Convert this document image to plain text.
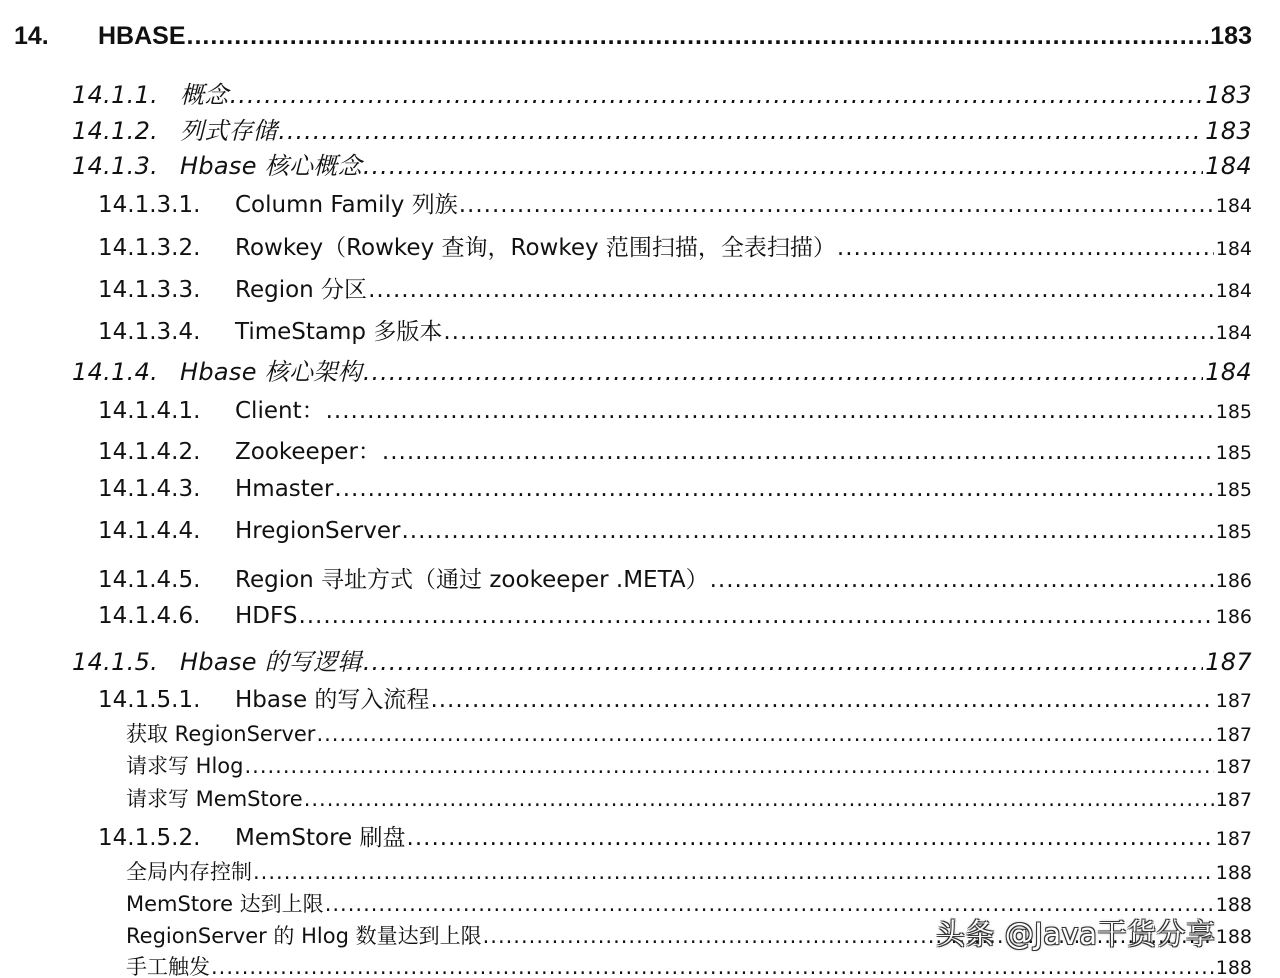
14.	HBASE .....	183
14.1.1. 概念 .....	183
14.1.2. 列式存储 .....	183
14.1.3. Hbase 核心概念 .....	184
14.1.3.1.	Column Family 列族 .....	184
14.1.3.2.	Rowkey（Rowkey 查询，Rowkey 范围扫描，全表扫描） .....	184
14.1.3.3.	Region 分区 .....	184
14.1.3.4.	TimeStamp 多版本 .....	184
14.1.4. Hbase 核心架构 .....	184
14.1.4.1.	Client： .....	185
14.1.4.2.	Zookeeper： .....	185
14.1.4.3.	Hmaster .....	185
14.1.4.4.	HregionServer .....	185
14.1.4.5.	Region 寻址方式（通过 zookeeper .META） .....	186
14.1.4.6.	HDFS .....	186
14.1.5. Hbase 的写逻辑 .....	187
14.1.5.1.	Hbase 的写入流程 .....	187
获取 RegionServer .....	187
请求写 Hlog .....	187
请求写 MemStore .....	187
14.1.5.2.	MemStore 刷盘 .....	187
全局内存控制 .....	188
MemStore 达到上限 .....	188
RegionServer 的 Hlog 数量达到上限 .....	188
手工触发 .....	188
头条 @Java干货分享
